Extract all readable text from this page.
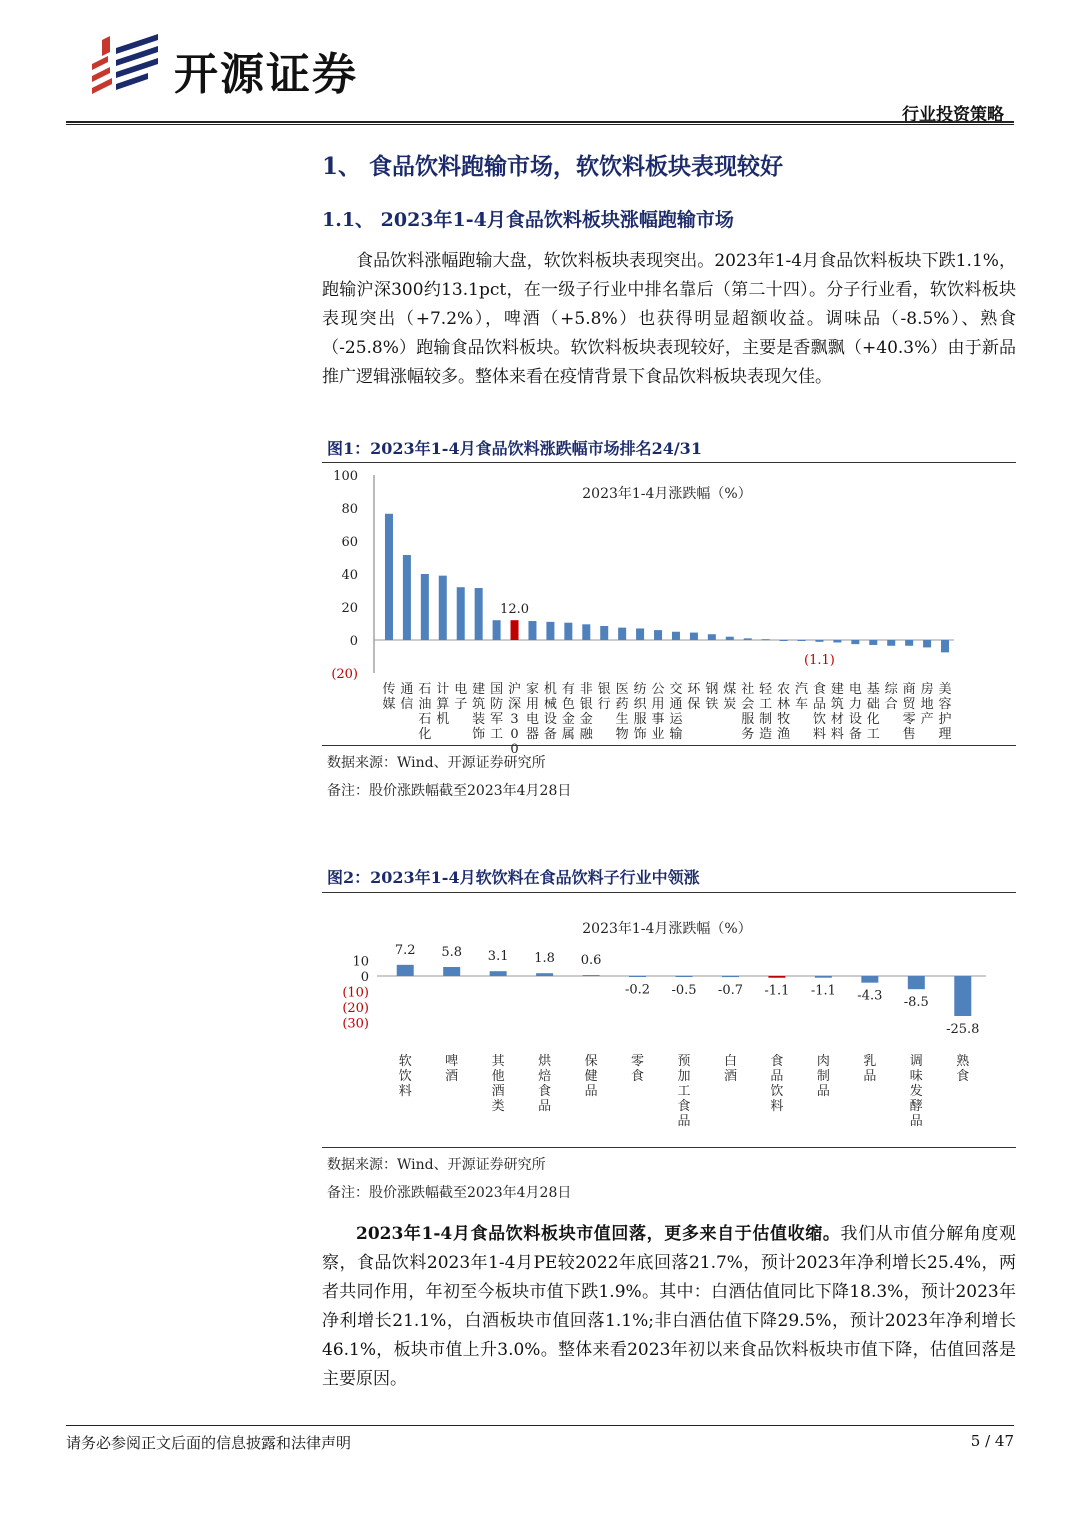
开源证券
行业投资策略
1、 食品饮料跑输市场，软饮料板块表现较好
1.1、 2023年1-4月食品饮料板块涨幅跑输市场

食品饮料涨幅跑输大盘，软饮料板块表现突出。2023年1-4月食品饮料板块下跌1.1%，跑输沪深300约13.1pct，在一级子行业中排名靠后（第二十四）。分子行业看，软饮料板块表现突出（+7.2%），啤酒（+5.8%）也获得明显超额收益。调味品（-8.5%）、熟食（-25.8%）跑输食品饮料板块。软饮料板块表现较好，主要是香飘飘（+40.3%）由于新品推广逻辑涨幅较多。整体来看在疫情背景下食品饮料板块表现欠佳。

图1：2023年1-4月食品饮料涨跌幅市场排名24/31
100
80
60
40
20
0
(20)
2023年1-4月涨跌幅（%）
传媒
通信
石油石化
计算机
电子
建筑装饰
国防军工
沪深 3 0 0
家用电器
机械设备
有色金属
非银金融
银行
医药生物
纺织服饰
公用事业
交通运输
环保
钢铁
煤炭
社会服务
轻工制造
农林牧渔
汽车
食品饮料
建筑材料
电力设备
基础化工
综合
商贸零售
房地产
美容护理
12.0
(1.1)
数据来源：Wind、开源证券研究所
备注：股价涨跌幅截至2023年4月28日
图2：2023年1-4月软饮料在食品饮料子行业中领涨
10
0
(10)
(20)
(30)
2023年1-4月涨跌幅（%）
7.2
软饮料
5.8
啤酒
3.1
其他酒类
1.8
烘焙食品
0.6
保健品
-0.2
零食
-0.5
预加工食品
-0.7
白酒
-1.1
食品饮料
-1.1
肉制品
-4.3
乳品
-8.5
调味发酵品
-25.8
熟食
数据来源：Wind、开源证券研究所
备注：股价涨跌幅截至2023年4月28日

2023年1-4月食品饮料板块市值回落，更多来自于估值收缩。我们从市值分解角度观察，食品饮料2023年1-4月PE较2022年底回落21.7%，预计2023年净利增长25.4%，两者共同作用，年初至今板块市值下跌1.9%。其中：白酒估值同比下降18.3%，预计2023年净利增长21.1%，白酒板块市值回落1.1%;非白酒估值下降29.5%，预计2023年净利增长46.1%，板块市值上升3.0%。整体来看2023年初以来食品饮料板块市值下降，估值回落是主要原因。

请务必参阅正文后面的信息披露和法律声明	5 / 47
